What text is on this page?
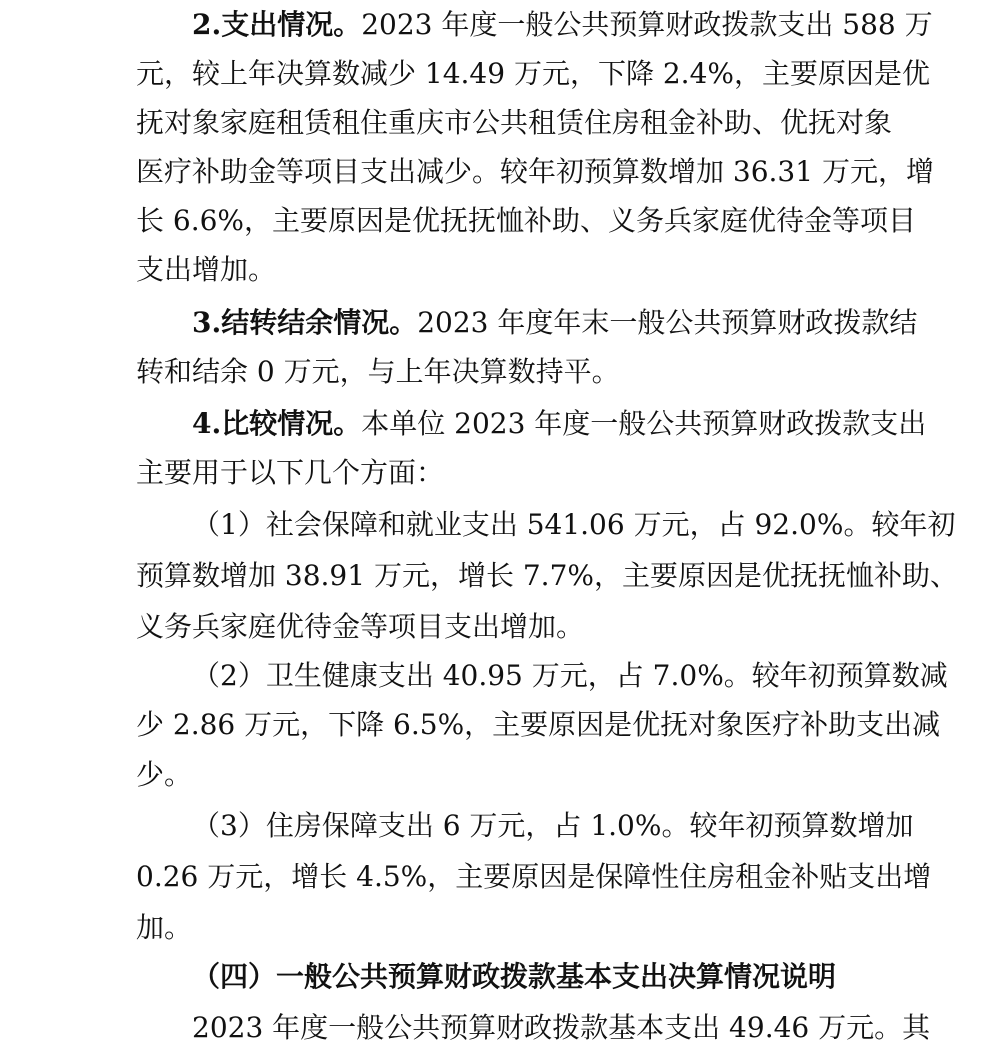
2.支出情况。2023 年度一般公共预算财政拨款支出 588 万
元，较上年决算数减少 14.49 万元，下降 2.4%，主要原因是优
抚对象家庭租赁租住重庆市公共租赁住房租金补助、优抚对象
医疗补助金等项目支出减少。较年初预算数增加 36.31 万元，增
长 6.6%，主要原因是优抚抚恤补助、义务兵家庭优待金等项目
支出增加。
3.结转结余情况。2023 年度年末一般公共预算财政拨款结
转和结余 0 万元，与上年决算数持平。
4.比较情况。本单位 2023 年度一般公共预算财政拨款支出
主要用于以下几个方面：
（1）社会保障和就业支出 541.06 万元，占 92.0%。较年初
预算数增加 38.91 万元，增长 7.7%，主要原因是优抚抚恤补助、
义务兵家庭优待金等项目支出增加。
（2）卫生健康支出 40.95 万元，占 7.0%。较年初预算数减
少 2.86 万元，下降 6.5%，主要原因是优抚对象医疗补助支出减
少。
（3）住房保障支出 6 万元，占 1.0%。较年初预算数增加
0.26 万元，增长 4.5%，主要原因是保障性住房租金补贴支出增
加。
（四）一般公共预算财政拨款基本支出决算情况说明
2023 年度一般公共预算财政拨款基本支出 49.46 万元。其
